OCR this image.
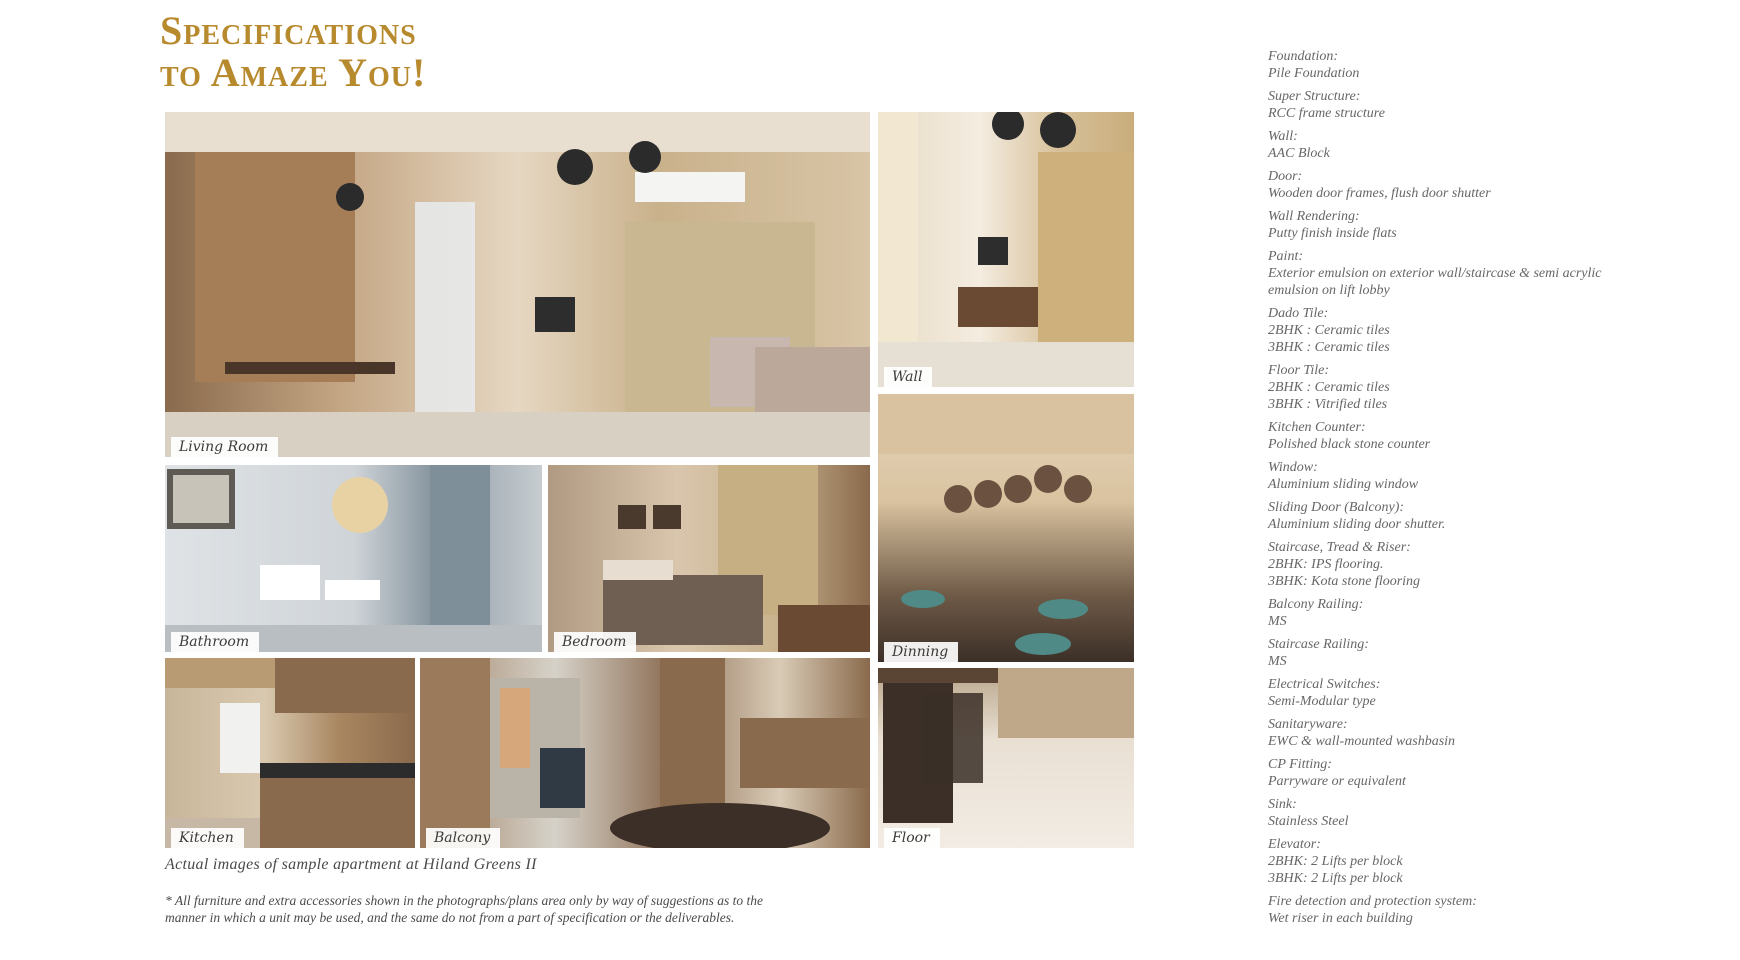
Specifications
to Amaze You!
Living Room
Wall
Bathroom	Bedroom
Dinning
Kitchen	Balcony	Floor
Actual images of sample apartment at Hiland Greens II
* All furniture and extra accessories shown in the photographs/plans area only by way of suggestions as to the manner in which a unit may be used, and the same do not from a part of specification or the deliverables.
Foundation:
Pile Foundation
Super Structure:
RCC frame structure
Wall:
AAC Block
Door:
Wooden door frames, flush door shutter
Wall Rendering:
Putty finish inside flats
Paint:
Exterior emulsion on exterior wall/staircase & semi acrylic emulsion on lift lobby
Dado Tile:
2BHK : Ceramic tiles
3BHK : Ceramic tiles
Floor Tile:
2BHK : Ceramic tiles
3BHK : Vitrified tiles
Kitchen Counter:
Polished black stone counter
Window:
Aluminium sliding window
Sliding Door (Balcony):
Aluminium sliding door shutter.
Staircase, Tread & Riser:
2BHK: IPS flooring.
3BHK: Kota stone flooring
Balcony Railing:
MS
Staircase Railing:
MS
Electrical Switches:
Semi-Modular type
Sanitaryware:
EWC & wall-mounted washbasin
CP Fitting:
Parryware or equivalent
Sink:
Stainless Steel
Elevator:
2BHK: 2 Lifts per block
3BHK: 2 Lifts per block
Fire detection and protection system:
Wet riser in each building
